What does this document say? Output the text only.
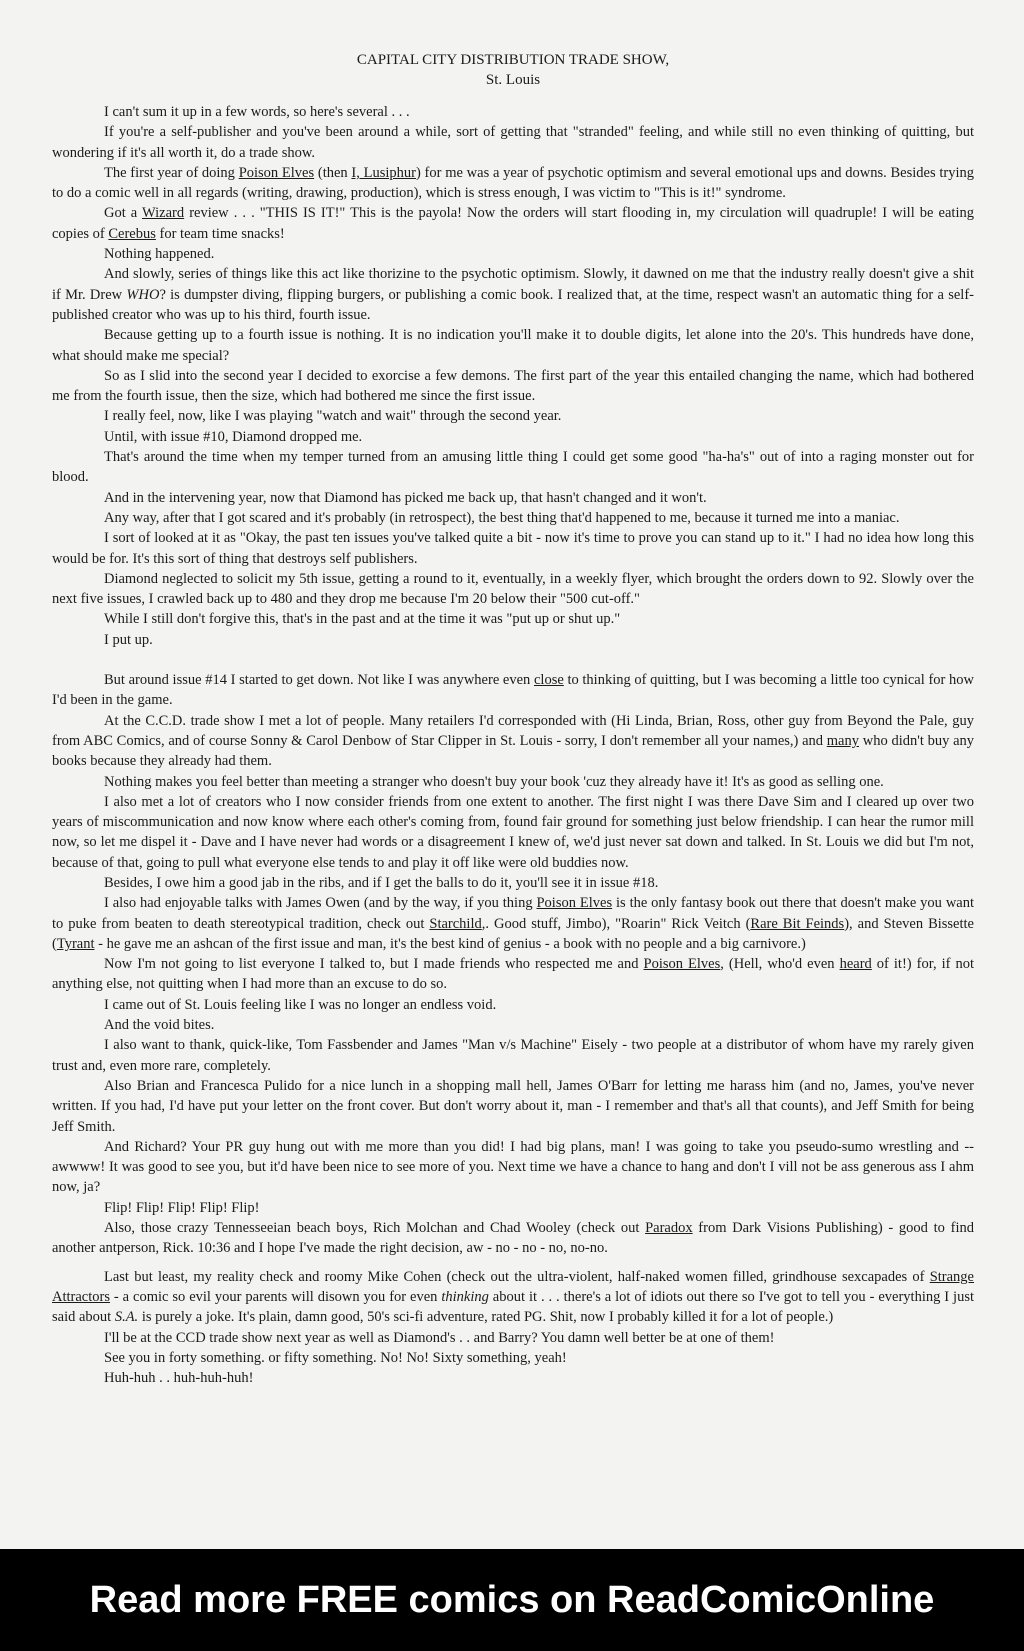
CAPITAL CITY DISTRIBUTION TRADE SHOW,

St. Louis

I can't sum it up in a few words, so here's several . . .

If you're a self-publisher and you've been around a while, sort of getting that "stranded" feeling, and while still no even thinking of quitting, but wondering if it's all worth it, do a trade show.

The first year of doing Poison Elves (then I, Lusiphur) for me was a year of psychotic optimism and several emotional ups and downs. Besides trying to do a comic well in all regards (writing, drawing, production), which is stress enough, I was victim to "This is it!" syndrome.

Got a Wizard review . . . "THIS IS IT!" This is the payola! Now the orders will start flooding in, my circulation will quadruple! I will be eating copies of Cerebus for team time snacks!

Nothing happened.

And slowly, series of things like this act like thorizine to the psychotic optimism. Slowly, it dawned on me that the industry really doesn't give a shit if Mr. Drew WHO? is dumpster diving, flipping burgers, or publishing a comic book. I realized that, at the time, respect wasn't an automatic thing for a self-published creator who was up to his third, fourth issue.

Because getting up to a fourth issue is nothing. It is no indication you'll make it to double digits, let alone into the 20's. This hundreds have done, what should make me special?

So as I slid into the second year I decided to exorcise a few demons. The first part of the year this entailed changing the name, which had bothered me from the fourth issue, then the size, which had bothered me since the first issue.

I really feel, now, like I was playing "watch and wait" through the second year.

Until, with issue #10, Diamond dropped me.

That's around the time when my temper turned from an amusing little thing I could get some good "ha-ha's" out of into a raging monster out for blood.

And in the intervening year, now that Diamond has picked me back up, that hasn't changed and it won't.

Any way, after that I got scared and it's probably (in retrospect), the best thing that'd happened to me, because it turned me into a maniac.

I sort of looked at it as "Okay, the past ten issues you've talked quite a bit - now it's time to prove you can stand up to it." I had no idea how long this would be for. It's this sort of thing that destroys self publishers.

Diamond neglected to solicit my 5th issue, getting a round to it, eventually, in a weekly flyer, which brought the orders down to 92. Slowly over the next five issues, I crawled back up to 480 and they drop me because I'm 20 below their "500 cut-off."

While I still don't forgive this, that's in the past and at the time it was "put up or shut up."

I put up.

But around issue #14 I started to get down. Not like I was anywhere even close to thinking of quitting, but I was becoming a little too cynical for how I'd been in the game.

At the C.C.D. trade show I met a lot of people. Many retailers I'd corresponded with (Hi Linda, Brian, Ross, other guy from Beyond the Pale, guy from ABC Comics, and of course Sonny & Carol Denbow of Star Clipper in St. Louis - sorry, I don't remember all your names,) and many who didn't buy any books because they already had them.

Nothing makes you feel better than meeting a stranger who doesn't buy your book 'cuz they already have it! It's as good as selling one.

I also met a lot of creators who I now consider friends from one extent to another. The first night I was there Dave Sim and I cleared up over two years of miscommunication and now know where each other's coming from, found fair ground for something just below friendship. I can hear the rumor mill now, so let me dispel it - Dave and I have never had words or a disagreement I knew of, we'd just never sat down and talked. In St. Louis we did but I'm not, because of that, going to pull what everyone else tends to and play it off like were old buddies now.

Besides, I owe him a good jab in the ribs, and if I get the balls to do it, you'll see it in issue #18.

I also had enjoyable talks with James Owen (and by the way, if you thing Poison Elves is the only fantasy book out there that doesn't make you want to puke from beaten to death stereotypical tradition, check out Starchild,. Good stuff, Jimbo), "Roarin" Rick Veitch (Rare Bit Feinds), and Steven Bissette (Tyrant - he gave me an ashcan of the first issue and man, it's the best kind of genius - a book with no people and a big carnivore.)

Now I'm not going to list everyone I talked to, but I made friends who respected me and Poison Elves, (Hell, who'd even heard of it!) for, if not anything else, not quitting when I had more than an excuse to do so.

I came out of St. Louis feeling like I was no longer an endless void.

And the void bites.

I also want to thank, quick-like, Tom Fassbender and James "Man v/s Machine" Eisely - two people at a distributor of whom have my rarely given trust and, even more rare, completely.

Also Brian and Francesca Pulido for a nice lunch in a shopping mall hell, James O'Barr for letting me harass him (and no, James, you've never written. If you had, I'd have put your letter on the front cover. But don't worry about it, man - I remember and that's all that counts), and Jeff Smith for being Jeff Smith.

And Richard? Your PR guy hung out with me more than you did! I had big plans, man! I was going to take you pseudo-sumo wrestling and -- awwww! It was good to see you, but it'd have been nice to see more of you. Next time we have a chance to hang and don't I vill not be ass generous ass I ahm now, ja?

Flip! Flip! Flip! Flip! Flip!

Also, those crazy Tennesseeian beach boys, Rich Molchan and Chad Wooley (check out Paradox from Dark Visions Publishing) - good to find another antperson, Rick. 10:36 and I hope I've made the right decision, aw - no - no - no, no-no.

Last but least, my reality check and roomy Mike Cohen (check out the ultra-violent, half-naked women filled, grindhouse sexcapades of Strange Attractors - a comic so evil your parents will disown you for even thinking about it . . . there's a lot of idiots out there so I've got to tell you - everything I just said about S.A. is purely a joke. It's plain, damn good, 50's sci-fi adventure, rated PG. Shit, now I probably killed it for a lot of people.)

I'll be at the CCD trade show next year as well as Diamond's . . and Barry? You damn well better be at one of them!

See you in forty something. or fifty something. No! No! Sixty something, yeah!

Huh-huh . . huh-huh-huh!

Read more FREE comics on ReadComicOnline
